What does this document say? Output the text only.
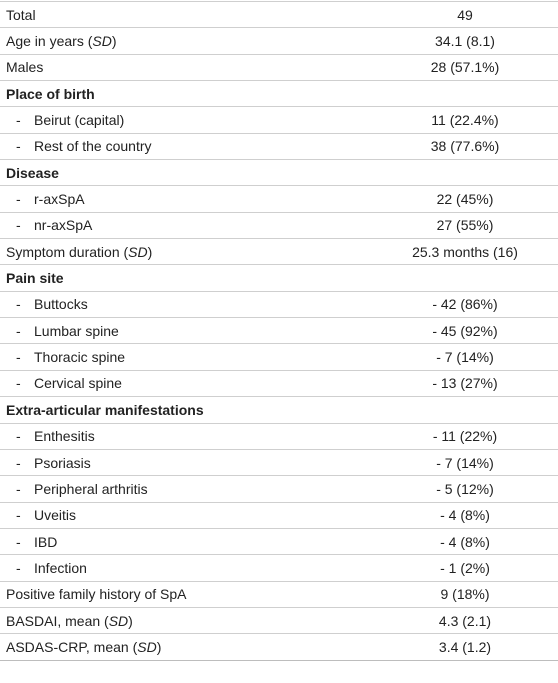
Total	49
Age in years ( SD )	34.1 (8.1)
Males	28 (57.1%)
Place of birth
- Beirut (capital)	11 (22.4%)
- Rest of the country	38 (77.6%)
Disease
- r-axSpA	22 (45%)
- nr-axSpA	27 (55%)
Symptom duration ( SD )	25.3 months (16)
Pain site
- Buttocks	- 42 (86%)
- Lumbar spine	- 45 (92%)
- Thoracic spine	- 7 (14%)
- Cervical spine	- 13 (27%)
Extra-articular manifestations
- Enthesitis	- 11 (22%)
- Psoriasis	- 7 (14%)
- Peripheral arthritis	- 5 (12%)
- Uveitis	- 4 (8%)
- IBD	- 4 (8%)
- Infection	- 1 (2%)
Positive family history of SpA	9 (18%)
BASDAI, mean ( SD )	4.3 (2.1)
ASDAS-CRP, mean ( SD )	3.4 (1.2)
